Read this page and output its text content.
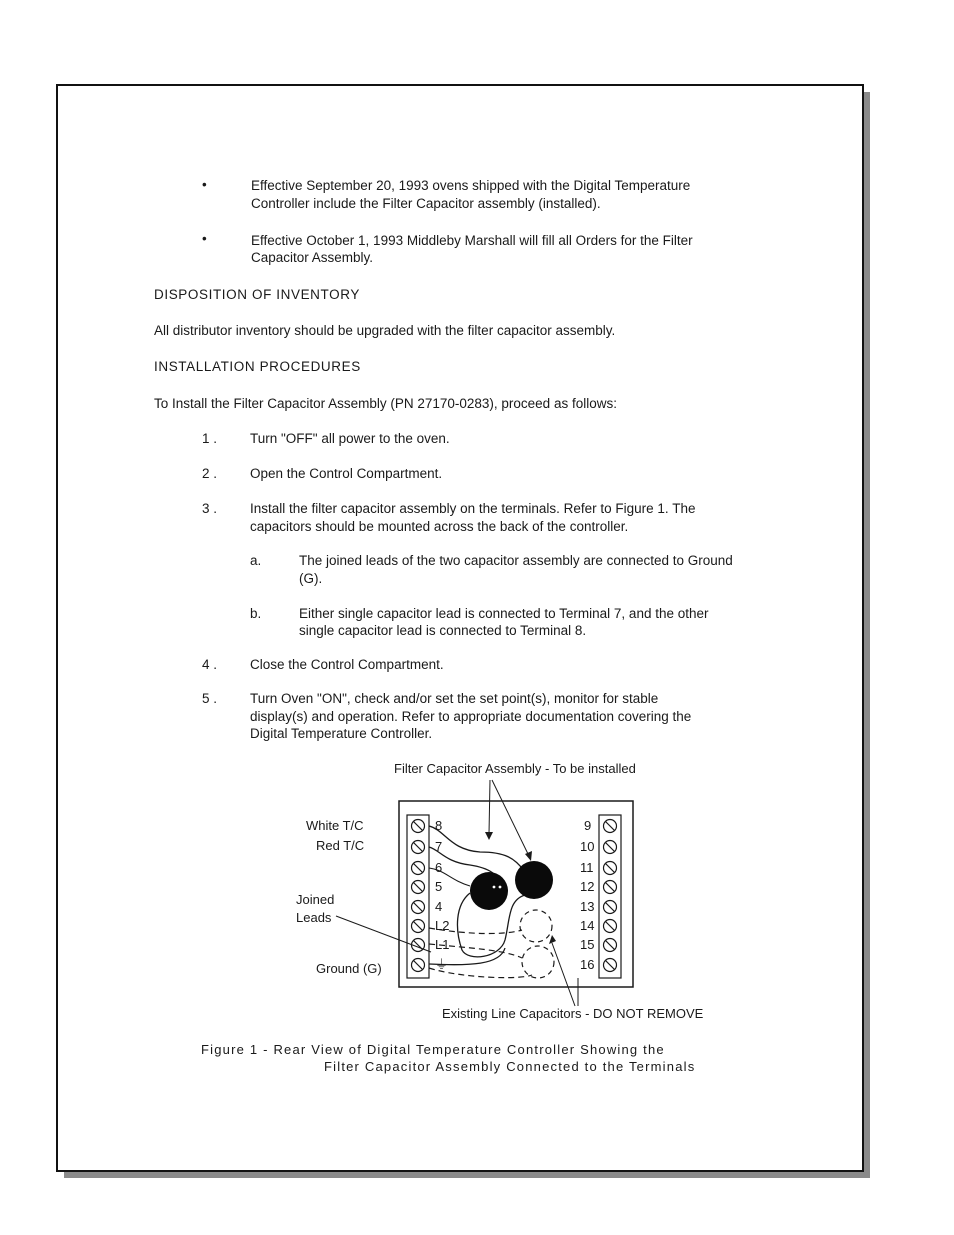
•	Effective September 20, 1993 ovens shipped with the Digital Temperature
Controller include the Filter Capacitor assembly (installed).
•	Effective October 1, 1993 Middleby Marshall will fill all Orders for the Filter
Capacitor Assembly.
DISPOSITION OF INVENTORY
All distributor inventory should be upgraded with the filter capacitor assembly.
INSTALLATION PROCEDURES
To Install the Filter Capacitor Assembly (PN 27170-0283), proceed as follows:
1 . Turn "OFF" all power to the oven.
2 . Open the Control Compartment.
3 . Install the filter capacitor assembly on the terminals. Refer to Figure 1. The
capacitors should be mounted across the back of the controller.
a.	The joined leads of the two capacitor assembly are connected to Ground
(G).
b.	Either single capacitor lead is connected to Terminal 7, and the other
single capacitor lead is connected to Terminal 8.
4 . Close the Control Compartment.
5 . Turn Oven "ON", check and/or set the set point(s), monitor for stable
display(s) and operation. Refer to appropriate documentation covering the
Digital Temperature Controller.
8
7
6
5
4
L2
L1
⏚
9
10
11
12
13
14
15
16
Filter Capacitor Assembly - To be installed
White T/C
Red T/C
Joined
Leads
Ground (G)
Existing Line Capacitors - DO NOT REMOVE
Figure 1 - Rear View of Digital Temperature Controller Showing the
Filter Capacitor Assembly Connected to the Terminals
